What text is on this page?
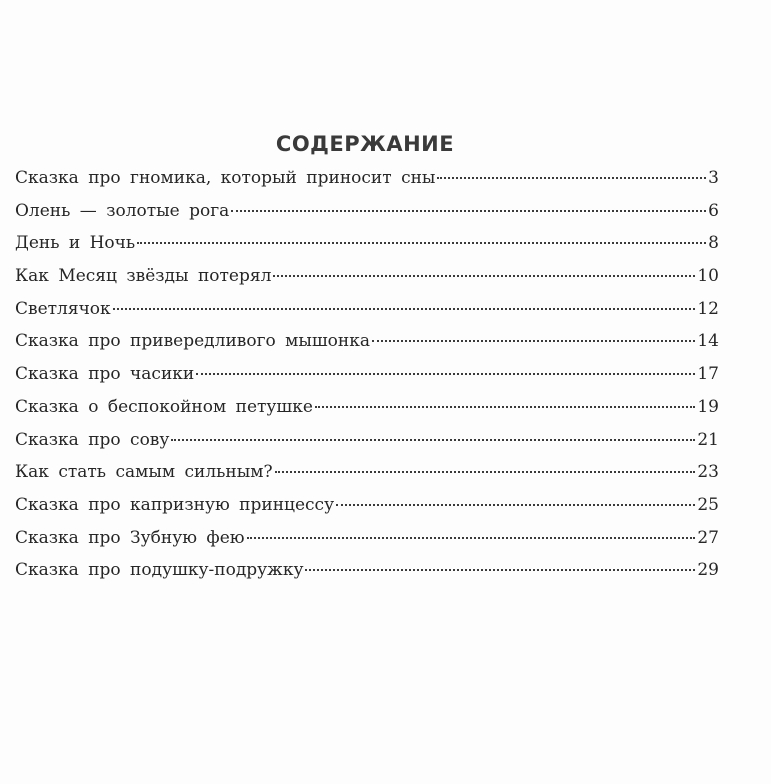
СОДЕРЖАНИЕ
Сказка про гномика, который приносит сны	3
Олень — золотые рога	6
День и Ночь	8
Как Месяц звёзды потерял	10
Светлячок	12
Сказка про привередливого мышонка	14
Сказка про часики	17
Сказка о беспокойном петушке	19
Сказка про сову	21
Как стать самым сильным?	23
Сказка про капризную принцессу	25
Сказка про Зубную фею	27
Сказка про подушку-подружку	29
